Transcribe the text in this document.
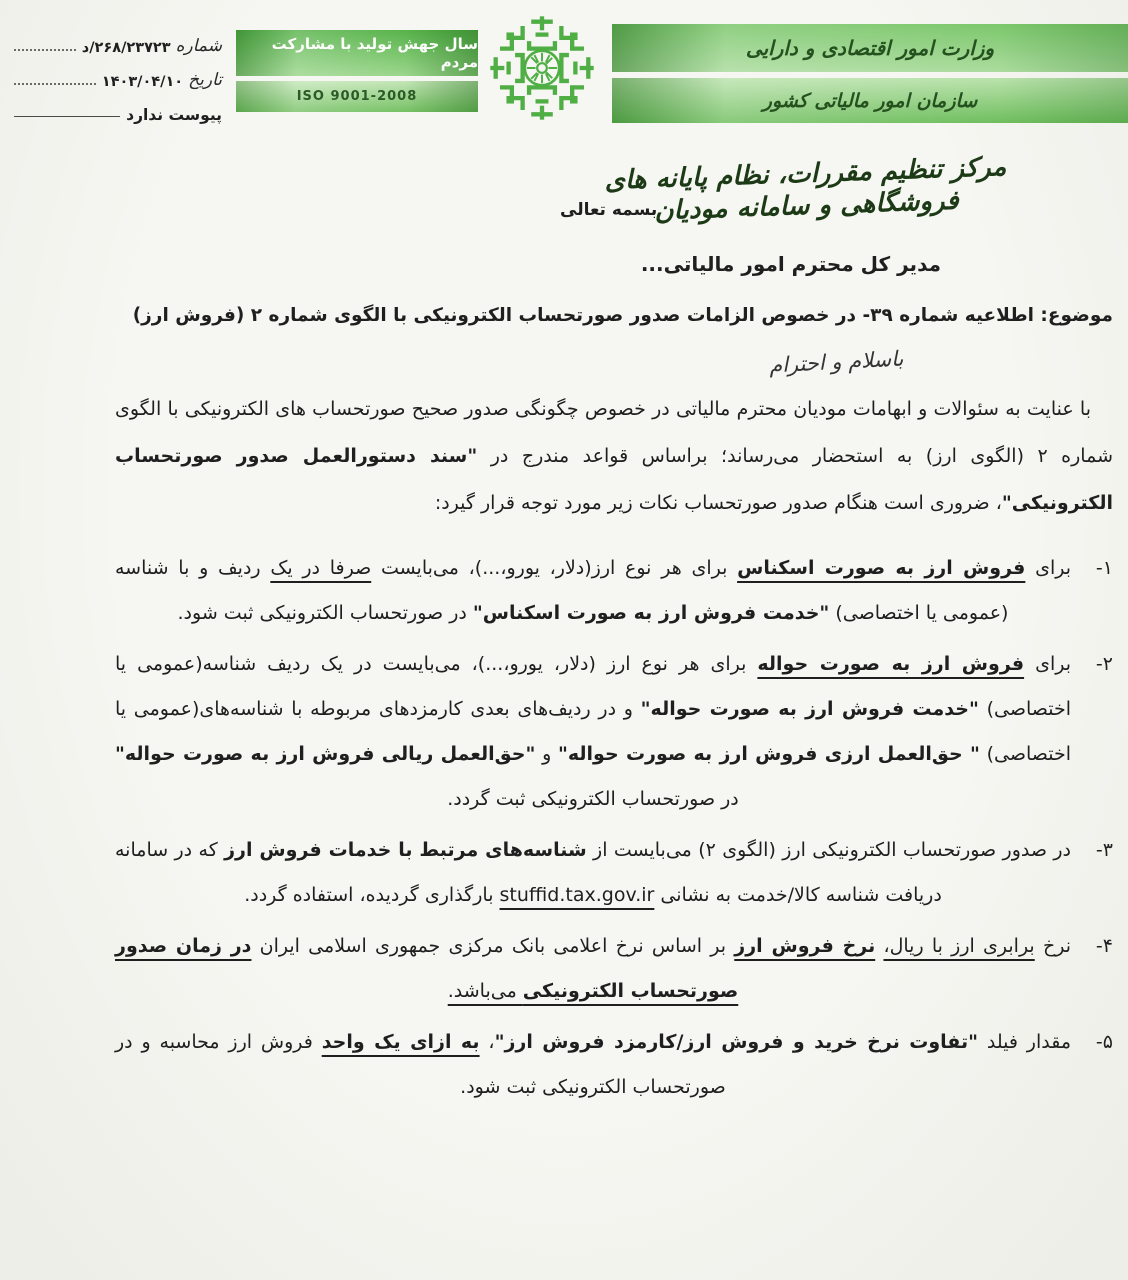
شماره
د/۲۶۸/۲۳۷۲۳
تاریخ
۱۴۰۳/۰۴/۱۰
پیوست ندارد
سال جهش تولید با مشارکت مردم
ISO 9001-2008
وزارت امور اقتصادی و دارایی
سازمان امور مالیاتی کشور
مرکز تنظیم مقررات، نظام پایانه های فروشگاهی و سامانه مودیان
بسمه تعالی
مدیر کل محترم امور مالیاتی...
موضوع: اطلاعیه شماره ۳۹- در خصوص الزامات صدور صورتحساب الکترونیکی با الگوی شماره ۲ (فروش ارز)
باسلام و احترام

با عنایت به سئوالات و ابهامات مودیان محترم مالیاتی در خصوص چگونگی صدور صحیح صورتحساب های الکترونیکی با الگوی شماره ۲ (الگوی ارز) به استحضار می‌رساند؛ براساس قواعد مندرج در "سند دستورالعمل صدور صورتحساب الکترونیکی"، ضروری است هنگام صدور صورتحساب نکات زیر مورد توجه قرار گیرد:

۱-
برای فروش ارز به صورت اسکناس برای هر نوع ارز(دلار، یورو،...)، می‌بایست صرفا در یک ردیف و با شناسه (عمومی یا اختصاصی) "خدمت فروش ارز به صورت اسکناس" در صورتحساب الکترونیکی ثبت شود.
۲-
برای فروش ارز به صورت حواله برای هر نوع ارز (دلار، یورو،...)، می‌بایست در یک ردیف شناسه(عمومی یا اختصاصی) "خدمت فروش ارز به صورت حواله" و در ردیف‌های بعدی کارمزدهای مربوطه با شناسه‌های(عمومی یا اختصاصی) " حق‌العمل ارزی فروش ارز به صورت حواله" و "حق‌العمل ریالی فروش ارز به صورت حواله" در صورتحساب الکترونیکی ثبت گردد.
۳-
در صدور صورتحساب الکترونیکی ارز (الگوی ۲) می‌بایست از شناسه‌های مرتبط با خدمات فروش ارز که در سامانه دریافت شناسه کالا/خدمت به نشانی stuffid.tax.gov.ir بارگذاری گردیده، استفاده گردد.
۴-
نرخ برابری ارز با ریال، نرخ فروش ارز بر اساس نرخ اعلامی بانک مرکزی جمهوری اسلامی ایران در زمان صدور صورتحساب الکترونیکی می‌باشد.
۵-
مقدار فیلد "تفاوت نرخ خرید و فروش ارز/کارمزد فروش ارز"، به ازای یک واحد فروش ارز محاسبه و در صورتحساب الکترونیکی ثبت شود.
